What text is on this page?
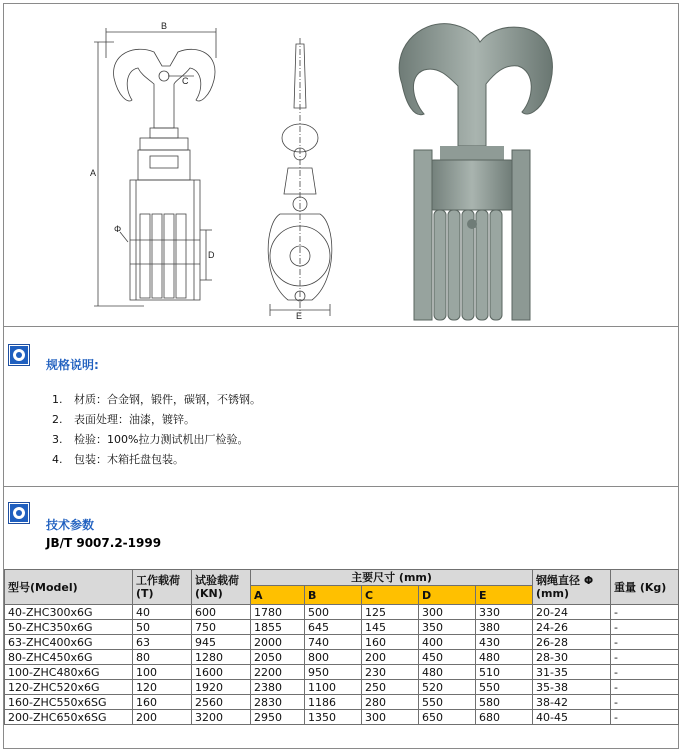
B
A
C
D
E
Φ
规格说明:
1. 材质：合金钢，锻件，碳钢，不锈钢。
2. 表面处理：油漆，镀锌。
3. 检验：100%拉力测试机出厂检验。
4. 包装：木箱托盘包装。
技术参数
JB/T 9007.2-1999
型号(Model)	工作载荷 (T)	试验载荷 (KN)	主要尺寸 (mm)					钢绳直径 Φ (mm)	重量 (Kg)
			A	B	C	D	E		
40-ZHC300x6G	40	600	1780	500	125	300	330	20-24	-
50-ZHC350x6G	50	750	1855	645	145	350	380	24-26	-
63-ZHC400x6G	63	945	2000	740	160	400	430	26-28	-
80-ZHC450x6G	80	1280	2050	800	200	450	480	28-30	-
100-ZHC480x6G	100	1600	2200	950	230	480	510	31-35	-
120-ZHC520x6G	120	1920	2380	1100	250	520	550	35-38	-
160-ZHC550x6SG	160	2560	2830	1186	280	550	580	38-42	-
200-ZHC650x6SG	200	3200	2950	1350	300	650	680	40-45	-
